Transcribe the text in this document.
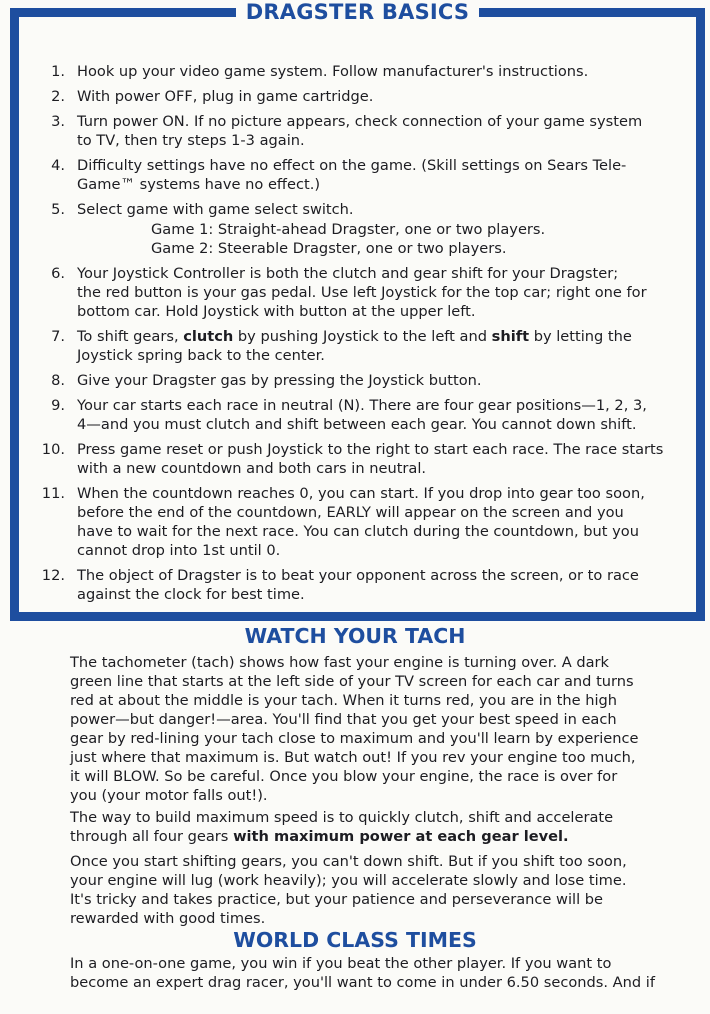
DRAGSTER BASICS
1. Hook up your video game system. Follow manufacturer's instructions.
2. With power OFF, plug in game cartridge.
3. Turn power ON. If no picture appears, check connection of your game system
to TV, then try steps 1-3 again.
4. Difficulty settings have no effect on the game. (Skill settings on Sears Tele-
Game™ systems have no effect.)
5. Select game with game select switch.
Game 1: Straight-ahead Dragster, one or two players.
Game 2: Steerable Dragster, one or two players.
6. Your Joystick Controller is both the clutch and gear shift for your Dragster;
the red button is your gas pedal. Use left Joystick for the top car; right one for
bottom car. Hold Joystick with button at the upper left.
7. To shift gears, clutch by pushing Joystick to the left and shift by letting the
Joystick spring back to the center.
8. Give your Dragster gas by pressing the Joystick button.
9. Your car starts each race in neutral (N). There are four gear positions—1, 2, 3,
4—and you must clutch and shift between each gear. You cannot down shift.
10. Press game reset or push Joystick to the right to start each race. The race starts
with a new countdown and both cars in neutral.
11. When the countdown reaches 0, you can start. If you drop into gear too soon,
before the end of the countdown, EARLY will appear on the screen and you
have to wait for the next race. You can clutch during the countdown, but you
cannot drop into 1st until 0.
12. The object of Dragster is to beat your opponent across the screen, or to race
against the clock for best time.
WATCH YOUR TACH
The tachometer (tach) shows how fast your engine is turning over. A dark
green line that starts at the left side of your TV screen for each car and turns
red at about the middle is your tach. When it turns red, you are in the high
power—but danger!—area. You'll find that you get your best speed in each
gear by red-lining your tach close to maximum and you'll learn by experience
just where that maximum is. But watch out! If you rev your engine too much,
it will BLOW. So be careful. Once you blow your engine, the race is over for
you (your motor falls out!).
The way to build maximum speed is to quickly clutch, shift and accelerate
through all four gears with maximum power at each gear level.
Once you start shifting gears, you can't down shift. But if you shift too soon,
your engine will lug (work heavily); you will accelerate slowly and lose time.
It's tricky and takes practice, but your patience and perseverance will be
rewarded with good times.
WORLD CLASS TIMES
In a one-on-one game, you win if you beat the other player. If you want to
become an expert drag racer, you'll want to come in under 6.50 seconds. And if
